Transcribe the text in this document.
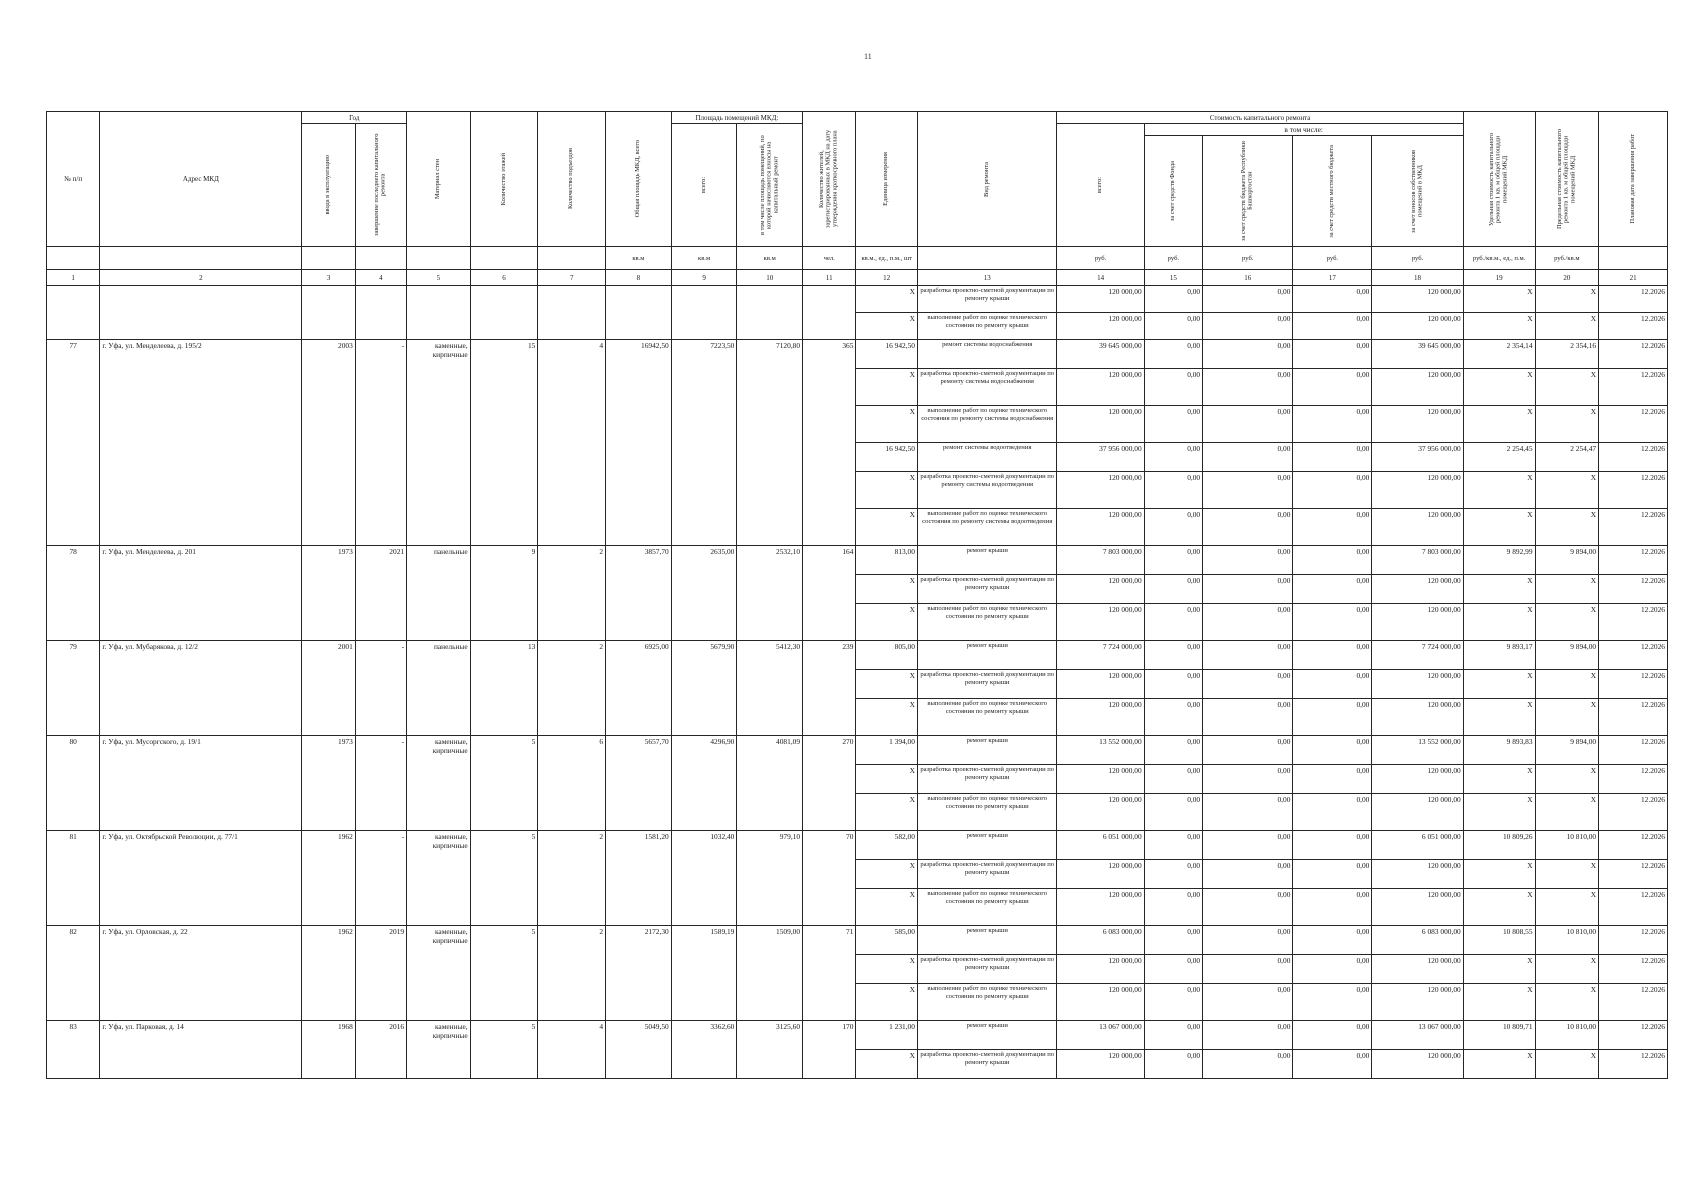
11
№ п/п	Адрес МКД	Год		Материал стен	Количество этажей	Количество подъездов	Общая площадь МКД, всего	Площадь помещений МКД:		Количество жителей, зарегистрированных в МКД на дату утверждения краткосрочного плана	Единица измерения	Вид ремонта	Стоимость капитального ремонта					Удельная стоимость капитального ремонта 1 кв. м общей площади помещений МКД	Предельная стоимость капитального ремонта 1 кв. м общей площади помещений МКД	Плановая дата завершения работ

		ввода в эксплуатацию	завершение последнего капитального ремонта					всего:	в том числе площадь помещений, по которой начисляются взносы на капитальный ремонт				всего:	в том числе:						

														за счет средств Фонда	за счет средств бюджета Республики Башкортостан	за счет средств местного бюджета	за счет взносов собственников помещений в МКД			

							кв.м	кв.м	кв.м	чел.	кв.м., ед., п.м., шт		руб.	руб.	руб.	руб.	руб.	руб./кв.м., ед., п.м.	руб./кв.м	
1	2	3	4	5	6	7	8	9	10	11	12	13	14	15	16	17	18	19	20	21
											X	разработка проектно-сметной документации по ремонту крыши	120 000,00	0,00	0,00	0,00	120 000,00	X	X	12.2026
											X	выполнение работ по оценке технического состояния по ремонту крыши	120 000,00	0,00	0,00	0,00	120 000,00	X	X	12.2026
77	г. Уфа, ул. Менделеева, д. 195/2	2003	-	каменные, кирпичные	15	4	16942,50	7223,50	7120,80	365	16 942,50	ремонт системы водоснабжения	39 645 000,00	0,00	0,00	0,00	39 645 000,00	2 354,14	2 354,16	12.2026
											X	разработка проектно-сметной документации по ремонту системы водоснабжения	120 000,00	0,00	0,00	0,00	120 000,00	X	X	12.2026
											X	выполнение работ по оценке технического состояния по ремонту системы водоснабжения	120 000,00	0,00	0,00	0,00	120 000,00	X	X	12.2026
											16 942,50	ремонт системы водоотведения	37 956 000,00	0,00	0,00	0,00	37 956 000,00	2 254,45	2 254,47	12.2026
											X	разработка проектно-сметной документации по ремонту системы водоотведения	120 000,00	0,00	0,00	0,00	120 000,00	X	X	12.2026
											X	выполнение работ по оценке технического состояния по ремонту системы водоотведения	120 000,00	0,00	0,00	0,00	120 000,00	X	X	12.2026
78	г. Уфа, ул. Менделеева, д. 201	1973	2021	панельные	9	2	3857,70	2635,00	2532,10	164	813,00	ремонт крыши	7 803 000,00	0,00	0,00	0,00	7 803 000,00	9 892,99	9 894,00	12.2026
											X	разработка проектно-сметной документации по ремонту крыши	120 000,00	0,00	0,00	0,00	120 000,00	X	X	12.2026
											X	выполнение работ по оценке технического состояния по ремонту крыши	120 000,00	0,00	0,00	0,00	120 000,00	X	X	12.2026
79	г. Уфа, ул. Мубарякова, д. 12/2	2001	-	панельные	13	2	6925,00	5679,90	5412,30	239	805,00	ремонт крыши	7 724 000,00	0,00	0,00	0,00	7 724 000,00	9 893,17	9 894,00	12.2026
											X	разработка проектно-сметной документации по ремонту крыши	120 000,00	0,00	0,00	0,00	120 000,00	X	X	12.2026
											X	выполнение работ по оценке технического состояния по ремонту крыши	120 000,00	0,00	0,00	0,00	120 000,00	X	X	12.2026
80	г. Уфа, ул. Мусоргского, д. 19/1	1973	-	каменные, кирпичные	5	6	5657,70	4296,90	4081,09	270	1 394,00	ремонт крыши	13 552 000,00	0,00	0,00	0,00	13 552 000,00	9 893,83	9 894,00	12.2026
											X	разработка проектно-сметной документации по ремонту крыши	120 000,00	0,00	0,00	0,00	120 000,00	X	X	12.2026
											X	выполнение работ по оценке технического состояния по ремонту крыши	120 000,00	0,00	0,00	0,00	120 000,00	X	X	12.2026
81	г. Уфа, ул. Октябрьской Революции, д. 77/1	1962	-	каменные, кирпичные	5	2	1581,20	1032,40	979,10	70	582,00	ремонт крыши	6 051 000,00	0,00	0,00	0,00	6 051 000,00	10 809,26	10 810,00	12.2026
											X	разработка проектно-сметной документации по ремонту крыши	120 000,00	0,00	0,00	0,00	120 000,00	X	X	12.2026
											X	выполнение работ по оценке технического состояния по ремонту крыши	120 000,00	0,00	0,00	0,00	120 000,00	X	X	12.2026
82	г. Уфа, ул. Орловская, д. 22	1962	2019	каменные, кирпичные	5	2	2172,30	1589,19	1509,00	71	585,00	ремонт крыши	6 083 000,00	0,00	0,00	0,00	6 083 000,00	10 808,55	10 810,00	12.2026
											X	разработка проектно-сметной документации по ремонту крыши	120 000,00	0,00	0,00	0,00	120 000,00	X	X	12.2026
											X	выполнение работ по оценке технического состояния по ремонту крыши	120 000,00	0,00	0,00	0,00	120 000,00	X	X	12.2026
83	г. Уфа, ул. Парковая, д. 14	1968	2016	каменные, кирпичные	5	4	5049,50	3362,60	3125,60	170	1 231,00	ремонт крыши	13 067 000,00	0,00	0,00	0,00	13 067 000,00	10 809,71	10 810,00	12.2026
											X	разработка проектно-сметной документации по ремонту крыши	120 000,00	0,00	0,00	0,00	120 000,00	X	X	12.2026
